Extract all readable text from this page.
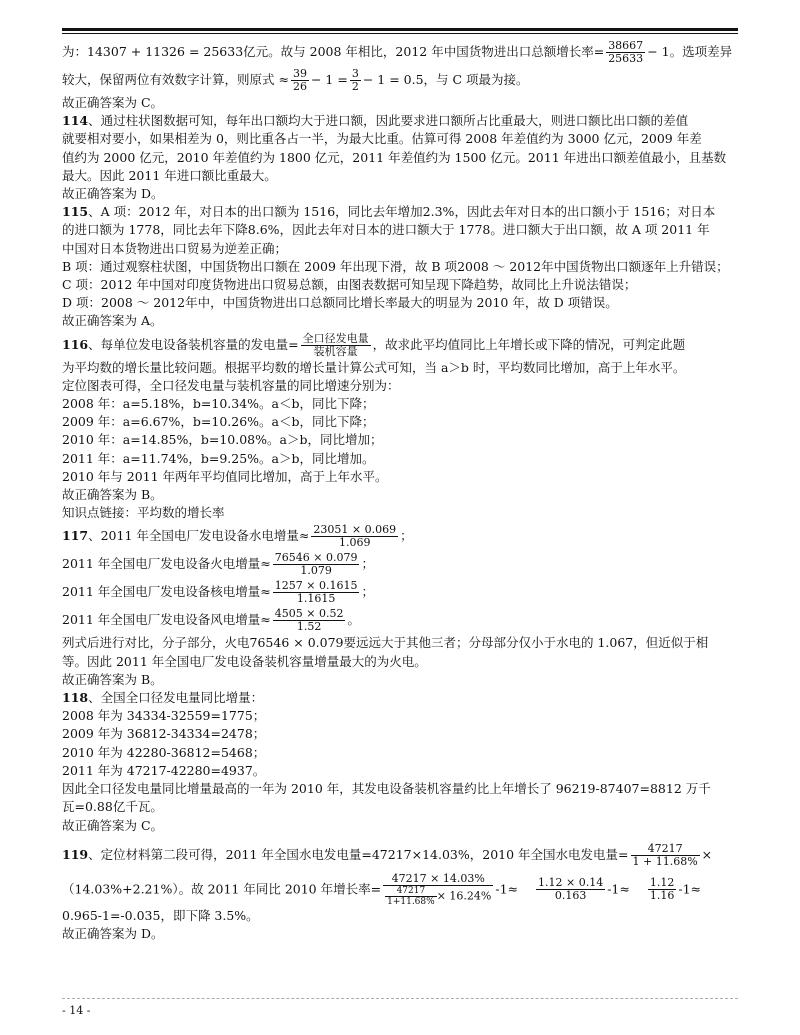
为：14307 + 11326 = 25633亿元。故与 2008 年相比，2012 年中国货物进出口总额增长率= $\frac{38667}{25633} - 1$。选项差异
较大，保留两位有效数字计算，则原式 ≈ $\frac{39}{26} - 1 = \frac{3}{2} - 1 = 0.5$，与 C 项最为接。
故正确答案为 C。
114、通过柱状图数据可知，每年出口额均大于进口额，因此要求进口额所占比重最大，则进口额比出口额的差值
就要相对要小，如果相差为 0，则比重各占一半，为最大比重。估算可得 2008 年差值约为 3000 亿元，2009 年差
值约为 2000 亿元，2010 年差值约为 1800 亿元，2011 年差值约为 1500 亿元。2011 年进出口额差值最小，且基数
最大。因此 2011 年进口额比重最大。
故正确答案为 D。
115、A 项：2012 年，对日本的出口额为 1516，同比去年增加2.3%，因此去年对日本的出口额小于 1516；对日本
的进口额为 1778，同比去年下降8.6%，因此去年对日本的进口额大于 1778。进口额大于出口额，故 A 项 2011 年
中国对日本货物进出口贸易为逆差正确；
B 项：通过观察柱状图，中国货物出口额在 2009 年出现下滑，故 B 项2008 ～ 2012年中国货物出口额逐年上升错误；
C 项：2012 年中国对印度货物进出口贸易总额，由图表数据可知呈现下降趋势，故同比上升说法错误；
D 项：2008 ～ 2012年中，中国货物进出口总额同比增长率最大的明显为 2010 年，故 D 项错误。
故正确答案为 A。
116、每单位发电设备装机容量的发电量= $\frac{\text{全口径发电量}}{\text{装机容量}}$ ，故求此平均值同比上年增长或下降的情况，可判定此题
为平均数的增长量比较问题。根据平均数的增长量计算公式可知，当 a＞b 时，平均数同比增加，高于上年水平。
定位图表可得，全口径发电量与装机容量的同比增速分别为：
2008 年：a=5.18%，b=10.34%。a＜b，同比下降；
2009 年：a=6.67%，b=10.26%。a＜b，同比下降；
2010 年：a=14.85%，b=10.08%。a＞b，同比增加；
2011 年：a=11.74%，b=9.25%。a＞b，同比增加。
2010 年与 2011 年两年平均值同比增加，高于上年水平。
故正确答案为 B。
知识点链接：平均数的增长率
117、2011 年全国电厂发电设备水电增量≈ $\frac{23051 \times 0.069}{1.069}$ ；
2011 年全国电厂发电设备火电增量≈ $\frac{76546 \times 0.079}{1.079}$ ；
2011 年全国电厂发电设备核电增量≈ $\frac{1257 \times 0.1615}{1.1615}$ ；
2011 年全国电厂发电设备风电增量≈ $\frac{4505 \times 0.52}{1.52}$ 。
列式后进行对比，分子部分，火电76546 × 0.079要远远大于其他三者；分母部分仅小于水电的 1.067，但近似于相
等。因此 2011 年全国电厂发电设备装机容量增量最大的为火电。
故正确答案为 B。
118、全国全口径发电量同比增量：
2008 年为 34334-32559=1775；
2009 年为 36812-34334=2478；
2010 年为 42280-36812=5468；
2011 年为 47217-42280=4937。
因此全口径发电量同比增量最高的一年为 2010 年，其发电设备装机容量约比上年增长了 96219-87407=8812 万千
瓦=0.88亿千瓦。
故正确答案为 C。
119、定位材料第二段可得，2011 年全国水电发电量=47217×14.03%，2010 年全国水电发电量= $\frac{47217}{1 + 11.68\%}$ ×
（14.03%+2.21%）。故 2011 年同比 2010 年增长率= $\frac{47217 \times 14.03\%}{\frac{47217}{1+11.68\%} \times 16.24\%} -1\approx \frac{1.12 \times 0.14}{0.163} -1\approx \frac{1.12}{1.16} -1\approx$
0.965-1=-0.035，即下降 3.5%。
故正确答案为 D。
- 14 -
